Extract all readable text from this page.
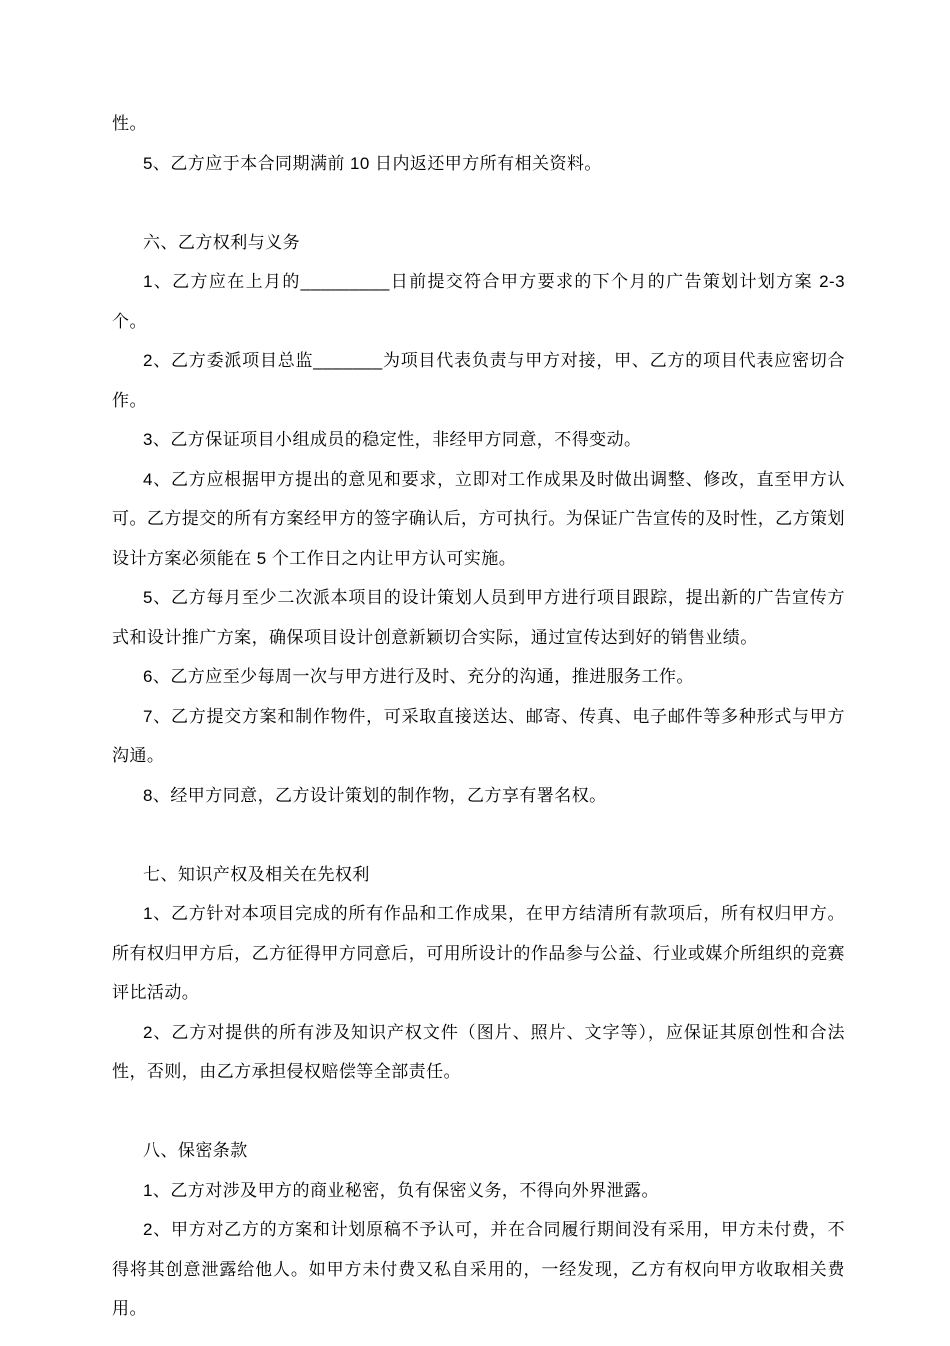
性。

5、乙方应于本合同期满前 10 日内返还甲方所有相关资料。

六、乙方权利与义务

1、乙方应在上月的_________日前提交符合甲方要求的下个月的广告策划计划方案 2-3 个。

2、乙方委派项目总监_______为项目代表负责与甲方对接，甲、乙方的项目代表应密切合作。

3、乙方保证项目小组成员的稳定性，非经甲方同意，不得变动。

4、乙方应根据甲方提出的意见和要求，立即对工作成果及时做出调整、修改，直至甲方认可。乙方提交的所有方案经甲方的签字确认后，方可执行。为保证广告宣传的及时性，乙方策划设计方案必须能在 5 个工作日之内让甲方认可实施。

5、乙方每月至少二次派本项目的设计策划人员到甲方进行项目跟踪，提出新的广告宣传方式和设计推广方案，确保项目设计创意新颖切合实际，通过宣传达到好的销售业绩。

6、乙方应至少每周一次与甲方进行及时、充分的沟通，推进服务工作。

7、乙方提交方案和制作物件，可采取直接送达、邮寄、传真、电子邮件等多种形式与甲方沟通。

8、经甲方同意，乙方设计策划的制作物，乙方享有署名权。

七、知识产权及相关在先权利

1、乙方针对本项目完成的所有作品和工作成果，在甲方结清所有款项后，所有权归甲方。所有权归甲方后，乙方征得甲方同意后，可用所设计的作品参与公益、行业或媒介所组织的竞赛评比活动。

2、乙方对提供的所有涉及知识产权文件（图片、照片、文字等），应保证其原创性和合法性，否则，由乙方承担侵权赔偿等全部责任。

八、保密条款

1、乙方对涉及甲方的商业秘密，负有保密义务，不得向外界泄露。

2、甲方对乙方的方案和计划原稿不予认可，并在合同履行期间没有采用，甲方未付费，不得将其创意泄露给他人。如甲方未付费又私自采用的，一经发现，乙方有权向甲方收取相关费用。
